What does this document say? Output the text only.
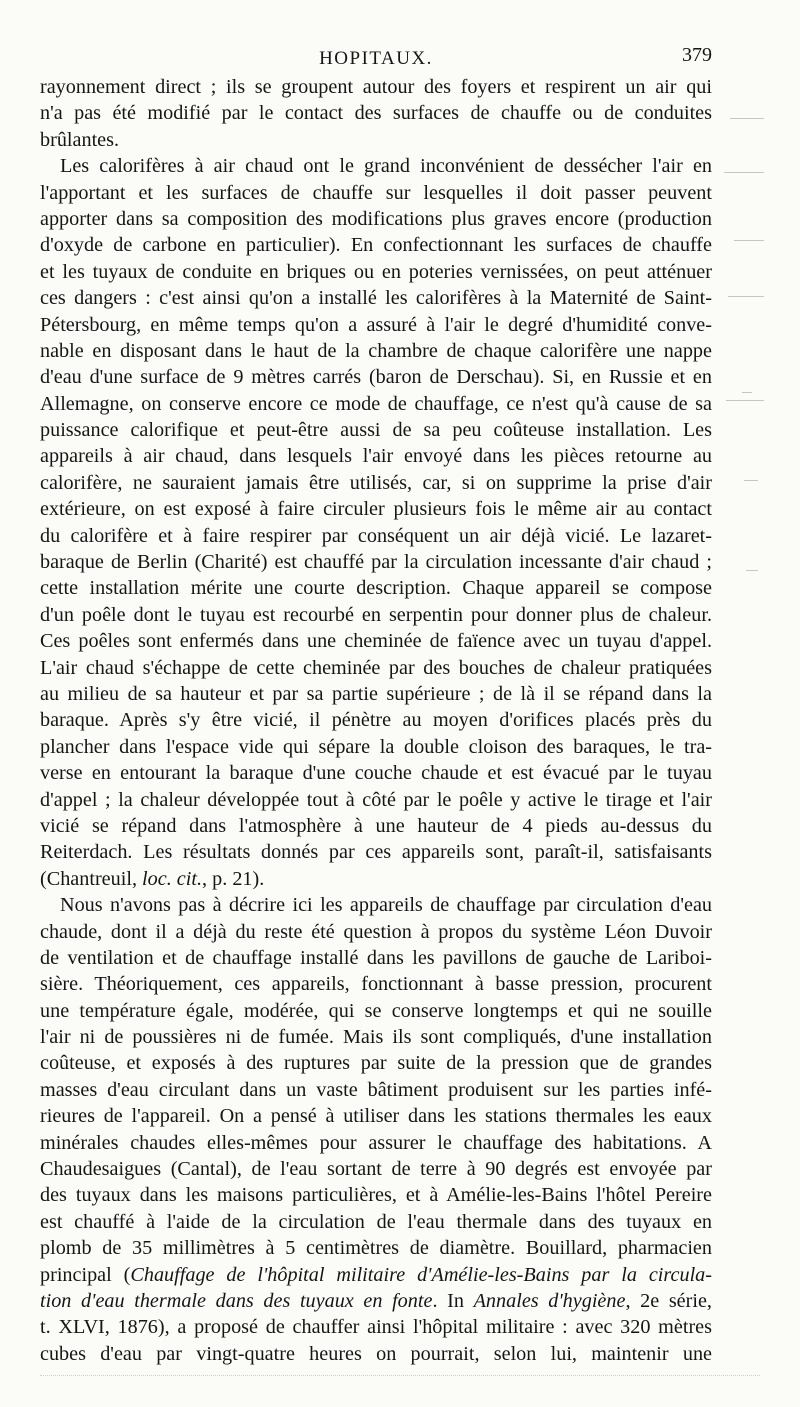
HOPITAUX.	379
rayonnement direct ; ils se groupent autour des foyers et respirent un air qui
n'a pas été modifié par le contact des surfaces de chauffe ou de conduites
brûlantes.
Les calorifères à air chaud ont le grand inconvénient de dessécher l'air en
l'apportant et les surfaces de chauffe sur lesquelles il doit passer peuvent
apporter dans sa composition des modifications plus graves encore (production
d'oxyde de carbone en particulier). En confectionnant les surfaces de chauffe
et les tuyaux de conduite en briques ou en poteries vernissées, on peut atténuer
ces dangers : c'est ainsi qu'on a installé les calorifères à la Maternité de Saint-
Pétersbourg, en même temps qu'on a assuré à l'air le degré d'humidité conve-
nable en disposant dans le haut de la chambre de chaque calorifère une nappe
d'eau d'une surface de 9 mètres carrés (baron de Derschau). Si, en Russie et en
Allemagne, on conserve encore ce mode de chauffage, ce n'est qu'à cause de sa
puissance calorifique et peut-être aussi de sa peu coûteuse installation. Les
appareils à air chaud, dans lesquels l'air envoyé dans les pièces retourne au
calorifère, ne sauraient jamais être utilisés, car, si on supprime la prise d'air
extérieure, on est exposé à faire circuler plusieurs fois le même air au contact
du calorifère et à faire respirer par conséquent un air déjà vicié. Le lazaret-
baraque de Berlin (Charité) est chauffé par la circulation incessante d'air chaud ;
cette installation mérite une courte description. Chaque appareil se compose
d'un poêle dont le tuyau est recourbé en serpentin pour donner plus de chaleur.
Ces poêles sont enfermés dans une cheminée de faïence avec un tuyau d'appel.
L'air chaud s'échappe de cette cheminée par des bouches de chaleur pratiquées
au milieu de sa hauteur et par sa partie supérieure ; de là il se répand dans la
baraque. Après s'y être vicié, il pénètre au moyen d'orifices placés près du
plancher dans l'espace vide qui sépare la double cloison des baraques, le tra-
verse en entourant la baraque d'une couche chaude et est évacué par le tuyau
d'appel ; la chaleur développée tout à côté par le poêle y active le tirage et l'air
vicié se répand dans l'atmosphère à une hauteur de 4 pieds au-dessus du
Reiterdach. Les résultats donnés par ces appareils sont, paraît-il, satisfaisants
(Chantreuil, loc. cit., p. 21).
Nous n'avons pas à décrire ici les appareils de chauffage par circulation d'eau
chaude, dont il a déjà du reste été question à propos du système Léon Duvoir
de ventilation et de chauffage installé dans les pavillons de gauche de Lariboi-
sière. Théoriquement, ces appareils, fonctionnant à basse pression, procurent
une température égale, modérée, qui se conserve longtemps et qui ne souille
l'air ni de poussières ni de fumée. Mais ils sont compliqués, d'une installation
coûteuse, et exposés à des ruptures par suite de la pression que de grandes
masses d'eau circulant dans un vaste bâtiment produisent sur les parties infé-
rieures de l'appareil. On a pensé à utiliser dans les stations thermales les eaux
minérales chaudes elles-mêmes pour assurer le chauffage des habitations. A
Chaudesaigues (Cantal), de l'eau sortant de terre à 90 degrés est envoyée par
des tuyaux dans les maisons particulières, et à Amélie-les-Bains l'hôtel Pereire
est chauffé à l'aide de la circulation de l'eau thermale dans des tuyaux en
plomb de 35 millimètres à 5 centimètres de diamètre. Bouillard, pharmacien
principal (Chauffage de l'hôpital militaire d'Amélie-les-Bains par la circula-
tion d'eau thermale dans des tuyaux en fonte. In Annales d'hygiène, 2e série,
t. XLVI, 1876), a proposé de chauffer ainsi l'hôpital militaire : avec 320 mètres
cubes d'eau par vingt-quatre heures on pourrait, selon lui, maintenir une
